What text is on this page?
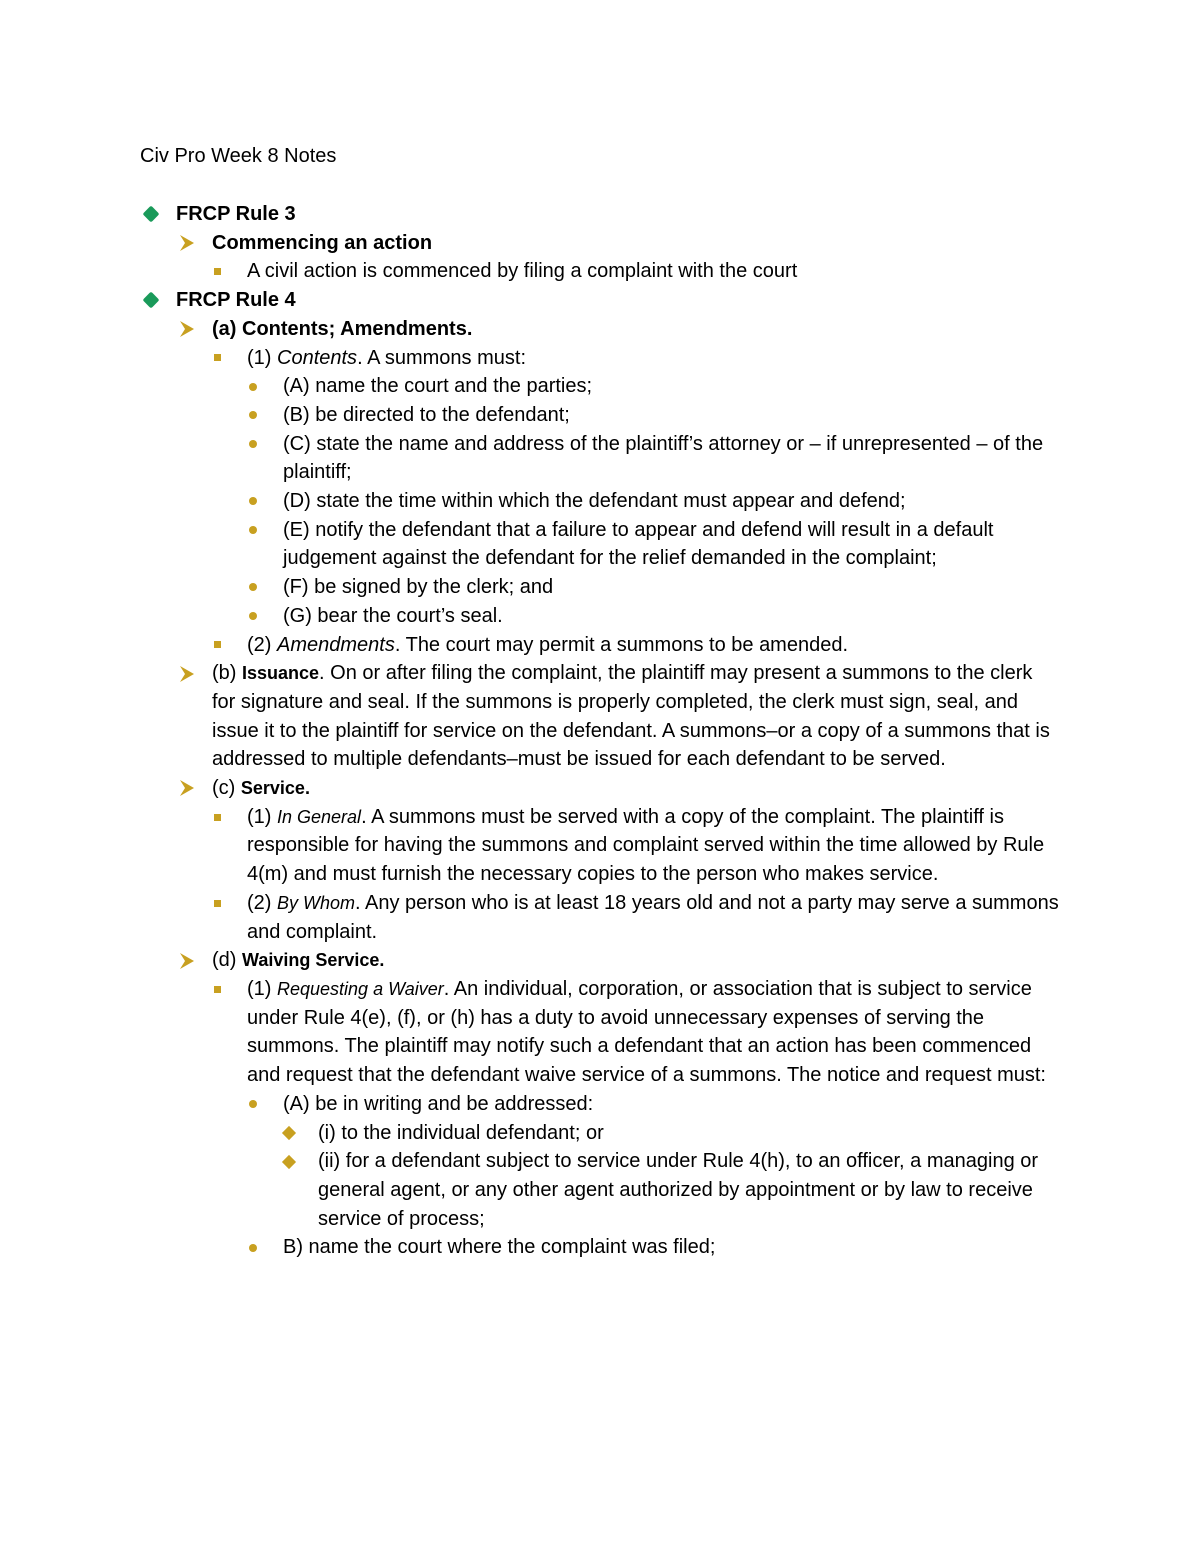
Civ Pro Week 8 Notes

FRCP Rule 3

Commencing an action

A civil action is commenced by filing a complaint with the court

FRCP Rule 4

(a) Contents; Amendments.

(1) Contents. A summons must:

(A) name the court and the parties;

(B) be directed to the defendant;

(C) state the name and address of the plaintiff’s attorney or – if unrepresented – of the plaintiff;

(D) state the time within which the defendant must appear and defend;

(E) notify the defendant that a failure to appear and defend will result in a default judgement against the defendant for the relief demanded in the complaint;

(F) be signed by the clerk; and

(G) bear the court’s seal.

(2) Amendments. The court may permit a summons to be amended.

(b) Issuance. On or after filing the complaint, the plaintiff may present a summons to the clerk for signature and seal. If the summons is properly completed, the clerk must sign, seal, and issue it to the plaintiff for service on the defendant. A summons–or a copy of a summons that is addressed to multiple defendants–must be issued for each defendant to be served.

(c) Service.

(1) In General. A summons must be served with a copy of the complaint. The plaintiff is responsible for having the summons and complaint served within the time allowed by Rule 4(m) and must furnish the necessary copies to the person who makes service.

(2) By Whom. Any person who is at least 18 years old and not a party may serve a summons and complaint.

(d) Waiving Service.

(1) Requesting a Waiver. An individual, corporation, or association that is subject to service under Rule 4(e), (f), or (h) has a duty to avoid unnecessary expenses of serving the summons. The plaintiff may notify such a defendant that an action has been commenced and request that the defendant waive service of a summons. The notice and request must:

(A) be in writing and be addressed:

(i) to the individual defendant; or

(ii) for a defendant subject to service under Rule 4(h), to an officer, a managing or general agent, or any other agent authorized by appointment or by law to receive service of process;

B) name the court where the complaint was filed;
